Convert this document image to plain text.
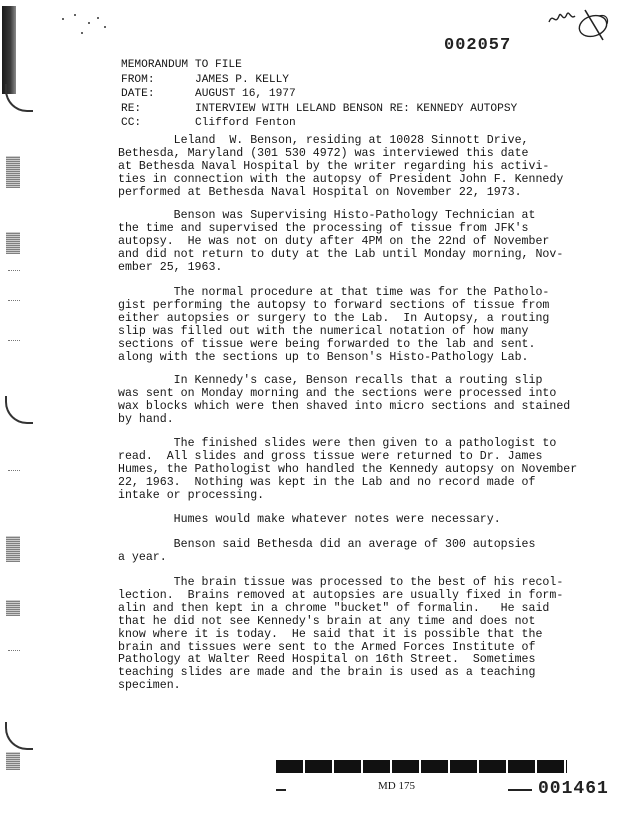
002057
MEMORANDUM TO FILE
FROM:	JAMES P. KELLY
DATE:	AUGUST 16, 1977
RE:	INTERVIEW WITH LELAND BENSON RE: KENNEDY AUTOPSY
CC:	Clifford Fenton

Leland  W. Benson, residing at 10028 Sinnott Drive,
Bethesda, Maryland (301 530 4972) was interviewed this date
at Bethesda Naval Hospital by the writer regarding his activi-
ties in connection with the autopsy of President John F. Kennedy
performed at Bethesda Naval Hospital on November 22, 1973.

Benson was Supervising Histo-Pathology Technician at
the time and supervised the processing of tissue from JFK's
autopsy.  He was not on duty after 4PM on the 22nd of November
and did not return to duty at the Lab until Monday morning, Nov-
ember 25, 1963.

The normal procedure at that time was for the Patholo-
gist performing the autopsy to forward sections of tissue from
either autopsies or surgery to the Lab.  In Autopsy, a routing
slip was filled out with the numerical notation of how many
sections of tissue were being forwarded to the lab and sent.
along with the sections up to Benson's Histo-Pathology Lab.

In Kennedy's case, Benson recalls that a routing slip
was sent on Monday morning and the sections were processed into
wax blocks which were then shaved into micro sections and stained
by hand.

The finished slides were then given to a pathologist to
read.  All slides and gross tissue were returned to Dr. James
Humes, the Pathologist who handled the Kennedy autopsy on November
22, 1963.  Nothing was kept in the Lab and no record made of
intake or processing.

Humes would make whatever notes were necessary.

Benson said Bethesda did an average of 300 autopsies
a year.

The brain tissue was processed to the best of his recol-
lection.  Brains removed at autopsies are usually fixed in form-
alin and then kept in a chrome "bucket" of formalin.   He said
that he did not see Kennedy's brain at any time and does not
know where it is today.  He said that it is possible that the
brain and tissues were sent to the Armed Forces Institute of
Pathology at Walter Reed Hospital on 16th Street.  Sometimes
teaching slides are made and the brain is used as a teaching
specimen.

MD 175	001461
